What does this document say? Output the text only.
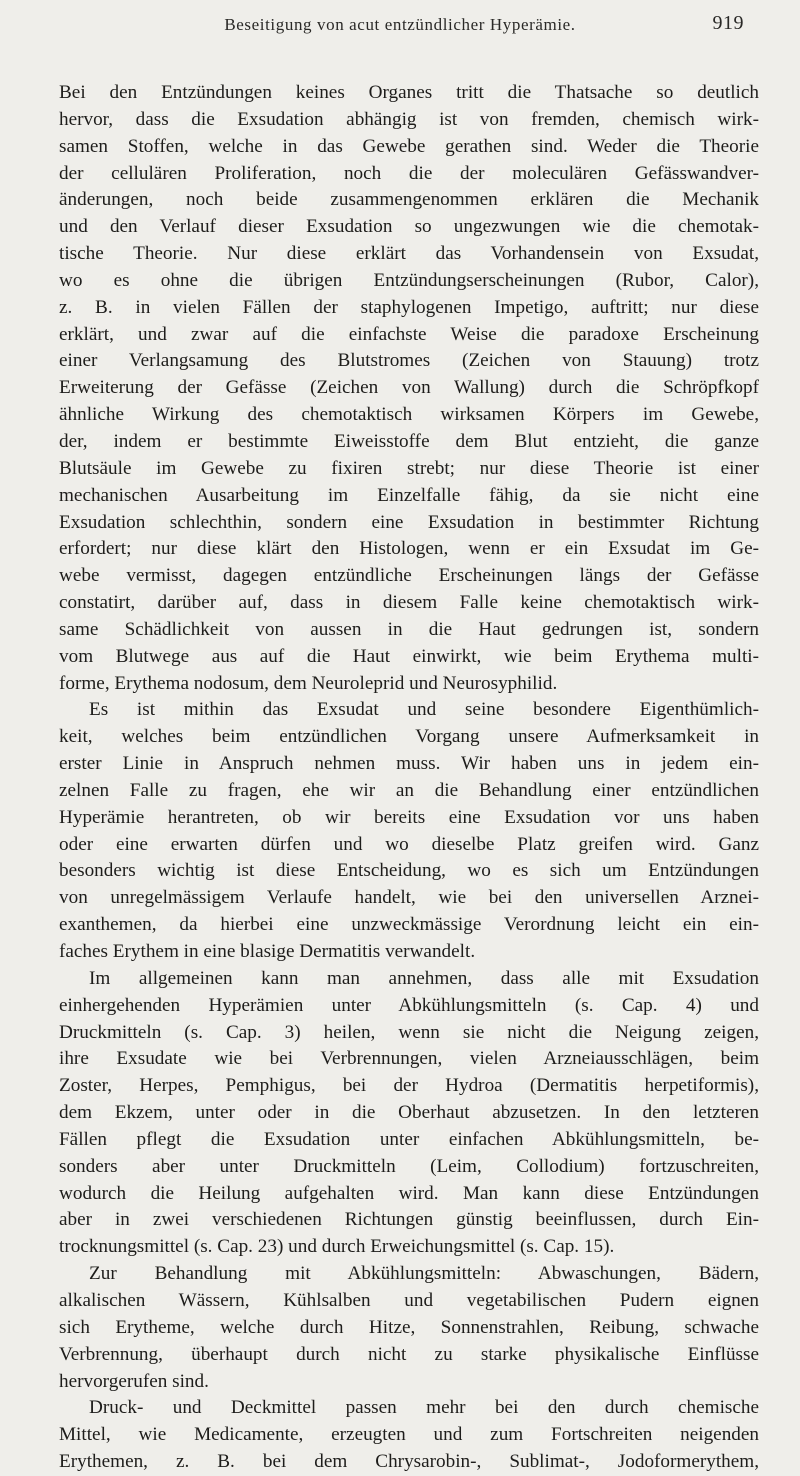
Beseitigung von acut entzündlicher Hyperämie.	919
Bei den Entzündungen keines Organes tritt die Thatsache so deutlich
hervor, dass die Exsudation abhängig ist von fremden, chemisch wirk-
samen Stoffen, welche in das Gewebe gerathen sind. Weder die Theorie
der cellulären Proliferation, noch die der moleculären Gefässwandver-
änderungen, noch beide zusammengenommen erklären die Mechanik
und den Verlauf dieser Exsudation so ungezwungen wie die chemotak-
tische Theorie. Nur diese erklärt das Vorhandensein von Exsudat,
wo es ohne die übrigen Entzündungserscheinungen (Rubor, Calor),
z. B. in vielen Fällen der staphylogenen Impetigo, auftritt; nur diese
erklärt, und zwar auf die einfachste Weise die paradoxe Erscheinung
einer Verlangsamung des Blutstromes (Zeichen von Stauung) trotz
Erweiterung der Gefässe (Zeichen von Wallung) durch die Schröpfkopf
ähnliche Wirkung des chemotaktisch wirksamen Körpers im Gewebe,
der, indem er bestimmte Eiweisstoffe dem Blut entzieht, die ganze
Blutsäule im Gewebe zu fixiren strebt; nur diese Theorie ist einer
mechanischen Ausarbeitung im Einzelfalle fähig, da sie nicht eine
Exsudation schlechthin, sondern eine Exsudation in bestimmter Richtung
erfordert; nur diese klärt den Histologen, wenn er ein Exsudat im Ge-
webe vermisst, dagegen entzündliche Erscheinungen längs der Gefässe
constatirt, darüber auf, dass in diesem Falle keine chemotaktisch wirk-
same Schädlichkeit von aussen in die Haut gedrungen ist, sondern
vom Blutwege aus auf die Haut einwirkt, wie beim Erythema multi-
forme, Erythema nodosum, dem Neuroleprid und Neurosyphilid.
Es ist mithin das Exsudat und seine besondere Eigenthümlich-
keit, welches beim entzündlichen Vorgang unsere Aufmerksamkeit in
erster Linie in Anspruch nehmen muss. Wir haben uns in jedem ein-
zelnen Falle zu fragen, ehe wir an die Behandlung einer entzündlichen
Hyperämie herantreten, ob wir bereits eine Exsudation vor uns haben
oder eine erwarten dürfen und wo dieselbe Platz greifen wird. Ganz
besonders wichtig ist diese Entscheidung, wo es sich um Entzündungen
von unregelmässigem Verlaufe handelt, wie bei den universellen Arznei-
exanthemen, da hierbei eine unzweckmässige Verordnung leicht ein ein-
faches Erythem in eine blasige Dermatitis verwandelt.
Im allgemeinen kann man annehmen, dass alle mit Exsudation
einhergehenden Hyperämien unter Abkühlungsmitteln (s. Cap. 4) und
Druckmitteln (s. Cap. 3) heilen, wenn sie nicht die Neigung zeigen,
ihre Exsudate wie bei Verbrennungen, vielen Arzneiausschlägen, beim
Zoster, Herpes, Pemphigus, bei der Hydroa (Dermatitis herpetiformis),
dem Ekzem, unter oder in die Oberhaut abzusetzen. In den letzteren
Fällen pflegt die Exsudation unter einfachen Abkühlungsmitteln, be-
sonders aber unter Druckmitteln (Leim, Collodium) fortzuschreiten,
wodurch die Heilung aufgehalten wird. Man kann diese Entzündungen
aber in zwei verschiedenen Richtungen günstig beeinflussen, durch Ein-
trocknungsmittel (s. Cap. 23) und durch Erweichungsmittel (s. Cap. 15).
Zur Behandlung mit Abkühlungsmitteln: Abwaschungen, Bädern,
alkalischen Wässern, Kühlsalben und vegetabilischen Pudern eignen
sich Erytheme, welche durch Hitze, Sonnenstrahlen, Reibung, schwache
Verbrennung, überhaupt durch nicht zu starke physikalische Einflüsse
hervorgerufen sind.
Druck- und Deckmittel passen mehr bei den durch chemische
Mittel, wie Medicamente, erzeugten und zum Fortschreiten neigenden
Erythemen, z. B. bei dem Chrysarobin-, Sublimat-, Jodoformerythem,
